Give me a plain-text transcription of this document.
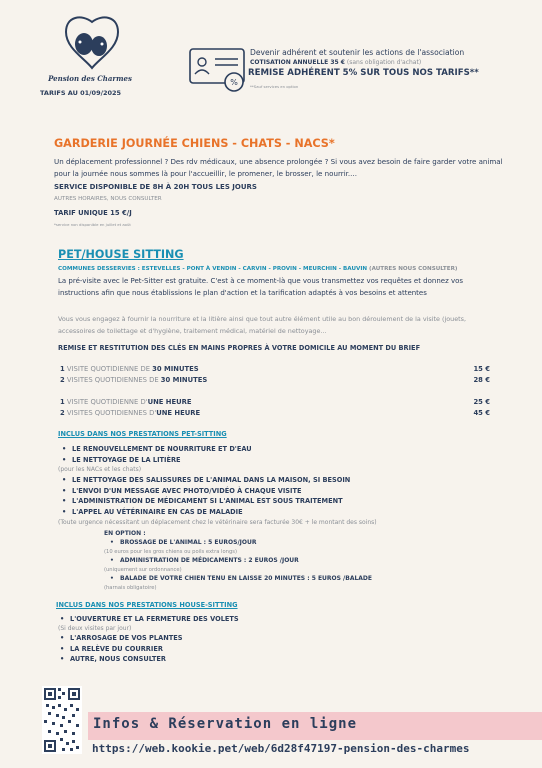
Pension des Charmes
TARIFS AU 01/09/2025
%
Devenir adhérent et soutenir les actions de l'association
COTISATION ANNUELLE 35 € (sans obligation d'achat)
REMISE ADHÉRENT 5% SUR TOUS NOS TARIFS**
**Sauf services en option
GARDERIE JOURNÉE CHIENS - CHATS - NACS*
Un déplacement professionnel ? Des rdv médicaux, une absence prolongée ? Si vous avez besoin de faire garder votre animal pour la journée nous sommes là pour l'accueillir, le promener, le brosser, le nourrir....
SERVICE DISPONIBLE DE 8H À 20H TOUS LES JOURS
AUTRES HORAIRES, NOUS CONSULTER
TARIF UNIQUE 15 €/J
*service non disponible en juillet et août
PET/HOUSE SITTING
COMMUNES DESSERVIES : ESTEVELLES - PONT À VENDIN - CARVIN - PROVIN - MEURCHIN - BAUVIN (AUTRES NOUS CONSULTER)
La pré-visite avec le Pet-Sitter est gratuite. C'est à ce moment-là que vous transmettez vos requêtes et donnez vos instructions afin que nous établissions le plan d'action et la tarification adaptés à vos besoins et attentes
Vous vous engagez à fournir la nourriture et la litière ainsi que tout autre élément utile au bon déroulement de la visite (jouets, accessoires de toilettage et d'hygiène, traitement médical, matériel de nettoyage...
REMISE ET RESTITUTION DES CLÉS EN MAINS PROPRES À VOTRE DOMICILE AU MOMENT DU BRIEF
1 VISITE QUOTIDIENNE DE 30 MINUTES	15 €
2 VISITES QUOTIDIENNES DE 30 MINUTES	28 €
1 VISITE QUOTIDIENNE D'UNE HEURE	25 €
2 VISITES QUOTIDIENNES D'UNE HEURE	45 €
INCLUS DANS NOS PRESTATIONS PET-SITTING
• LE RENOUVELLEMENT DE NOURRITURE ET D'EAU
• LE NETTOYAGE DE LA LITIÈRE
(pour les NACs et les chats)
• LE NETTOYAGE DES SALISSURES DE L'ANIMAL DANS LA MAISON, SI BESOIN
• L'ENVOI D'UN MESSAGE AVEC PHOTO/VIDÉO À CHAQUE VISITE
• L'ADMINISTRATION DE MÉDICAMENT SI L'ANIMAL EST SOUS TRAITEMENT
• L'APPEL AU VÉTÉRINAIRE EN CAS DE MALADIE
(Toute urgence nécessitant un déplacement chez le vétérinaire sera facturée 30€ + le montant des soins)
EN OPTION :
• BROSSAGE DE L'ANIMAL : 5 EUROS/JOUR
(10 euros pour les gros chiens ou poils extra longs)
• ADMINISTRATION DE MÉDICAMENTS : 2 EUROS /JOUR
(uniquement sur ordonnance)
• BALADE DE VOTRE CHIEN TENU EN LAISSE 20 MINUTES : 5 EUROS /BALADE
(harnais obligatoire)
INCLUS DANS NOS PRESTATIONS HOUSE-SITTING
• L'OUVERTURE ET LA FERMETURE DES VOLETS
(Si deux visites par jour)
• L'ARROSAGE DE VOS PLANTES
• LA RELÈVE DU COURRIER
• AUTRE, NOUS CONSULTER
Infos & Réservation en ligne
https://web.kookie.pet/web/6d28f47197-pension-des-charmes
